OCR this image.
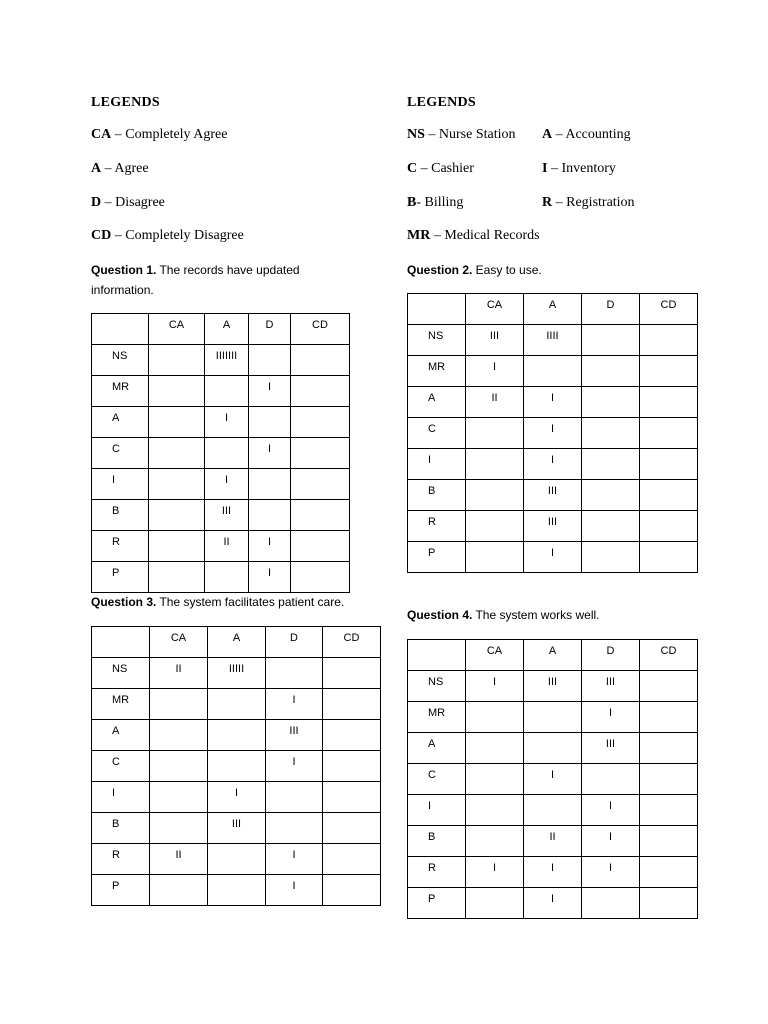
LEGENDS
CA – Completely Agree
A – Agree
D – Disagree
CD – Completely Disagree
LEGENDS
NS – Nurse Station A – Accounting
C – Cashier	I – Inventory
B- Billing	R – Registration
MR – Medical Records
Question 1. The records have updated
information.
	CA	A	D	CD
NS		IIIIIII		
MR			I	
A		I		
C			I	
I		I		
B		III		
R		II	I	
P			I	
Question 2. Easy to use.
	CA	A	D	CD
NS	III	IIII		
MR	I			
A	II	I		
C		I		
I		I		
B		III		
R		III		
P		I		
Question 3. The system facilitates patient care.
	CA	A	D	CD
NS	II	IIIII		
MR			I	
A			III	
C			I	
I		I		
B		III		
R	II		I	
P			I	
Question 4. The system works well.
	CA	A	D	CD
NS	I	III	III	
MR			I	
A			III	
C		I		
I			I	
B		II	I	
R	I	I	I	
P		I		
